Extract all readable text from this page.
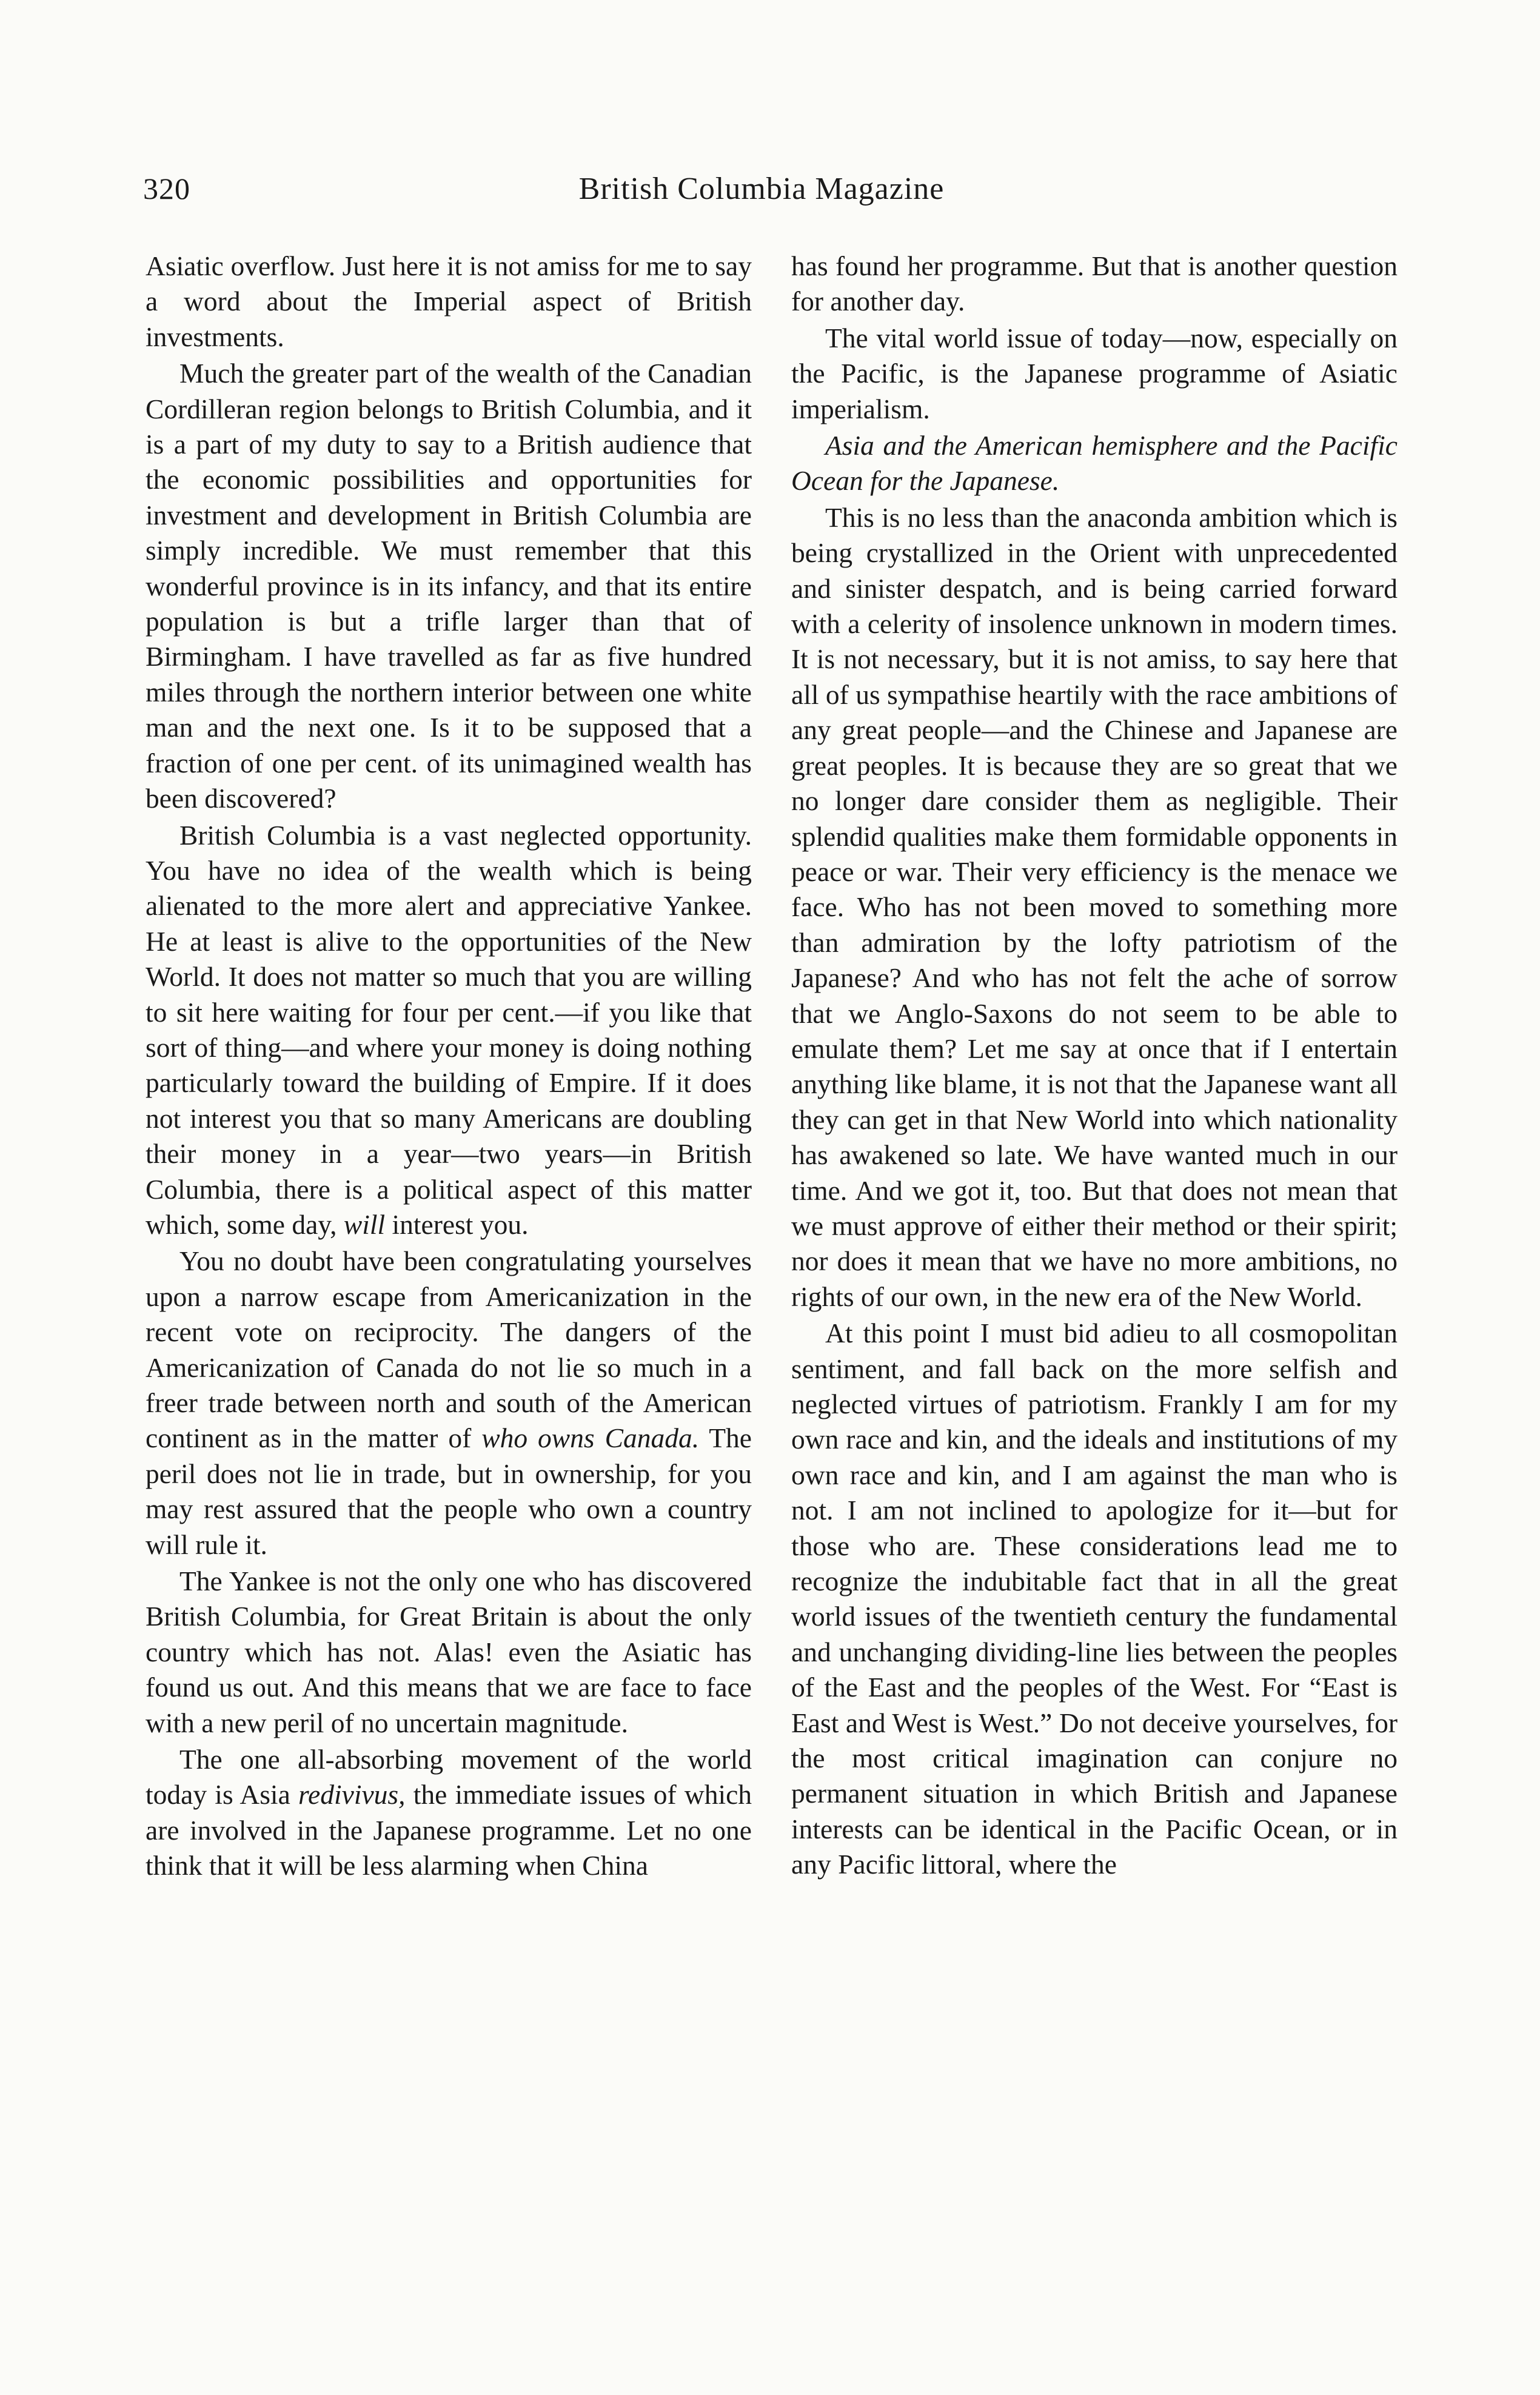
320	British Columbia Magazine

Asiatic overflow. Just here it is not amiss for me to say a word about the Imperial aspect of British investments.

Much the greater part of the wealth of the Canadian Cordilleran region belongs to British Columbia, and it is a part of my duty to say to a British audience that the economic possibilities and opportunities for investment and development in British Columbia are simply incredible. We must remember that this wonderful province is in its infancy, and that its entire population is but a trifle larger than that of Birmingham. I have travelled as far as five hundred miles through the northern interior between one white man and the next one. Is it to be supposed that a fraction of one per cent. of its unimagined wealth has been discovered?

British Columbia is a vast neglected opportunity. You have no idea of the wealth which is being alienated to the more alert and appreciative Yankee. He at least is alive to the opportunities of the New World. It does not matter so much that you are willing to sit here waiting for four per cent.—if you like that sort of thing—and where your money is doing nothing particularly toward the building of Empire. If it does not interest you that so many Americans are doubling their money in a year—two years—in British Columbia, there is a political aspect of this matter which, some day, will interest you.

You no doubt have been congratulating yourselves upon a narrow escape from Americanization in the recent vote on reciprocity. The dangers of the Americanization of Canada do not lie so much in a freer trade between north and south of the American continent as in the matter of who owns Canada. The peril does not lie in trade, but in ownership, for you may rest assured that the people who own a country will rule it.

The Yankee is not the only one who has discovered British Columbia, for Great Britain is about the only country which has not. Alas! even the Asiatic has found us out. And this means that we are face to face with a new peril of no uncertain magnitude.

The one all-absorbing movement of the world today is Asia redivivus, the immediate issues of which are involved in the Japanese programme. Let no one think that it will be less alarming when China

has found her programme. But that is another question for another day.

The vital world issue of today—now, especially on the Pacific, is the Japanese programme of Asiatic imperialism.

Asia and the American hemisphere and the Pacific Ocean for the Japanese.

This is no less than the anaconda ambition which is being crystallized in the Orient with unprecedented and sinister despatch, and is being carried forward with a celerity of insolence unknown in modern times. It is not necessary, but it is not amiss, to say here that all of us sympathise heartily with the race ambitions of any great people—and the Chinese and Japanese are great peoples. It is because they are so great that we no longer dare consider them as negligible. Their splendid qualities make them formidable opponents in peace or war. Their very efficiency is the menace we face. Who has not been moved to something more than admiration by the lofty patriotism of the Japanese? And who has not felt the ache of sorrow that we Anglo-Saxons do not seem to be able to emulate them? Let me say at once that if I entertain anything like blame, it is not that the Japanese want all they can get in that New World into which nationality has awakened so late. We have wanted much in our time. And we got it, too. But that does not mean that we must approve of either their method or their spirit; nor does it mean that we have no more ambitions, no rights of our own, in the new era of the New World.

At this point I must bid adieu to all cosmopolitan sentiment, and fall back on the more selfish and neglected virtues of patriotism. Frankly I am for my own race and kin, and the ideals and institutions of my own race and kin, and I am against the man who is not. I am not inclined to apologize for it—but for those who are. These considerations lead me to recognize the indubitable fact that in all the great world issues of the twentieth century the fundamental and unchanging dividing-line lies between the peoples of the East and the peoples of the West. For “East is East and West is West.” Do not deceive yourselves, for the most critical imagination can conjure no permanent situation in which British and Japanese interests can be identical in the Pacific Ocean, or in any Pacific littoral, where the
